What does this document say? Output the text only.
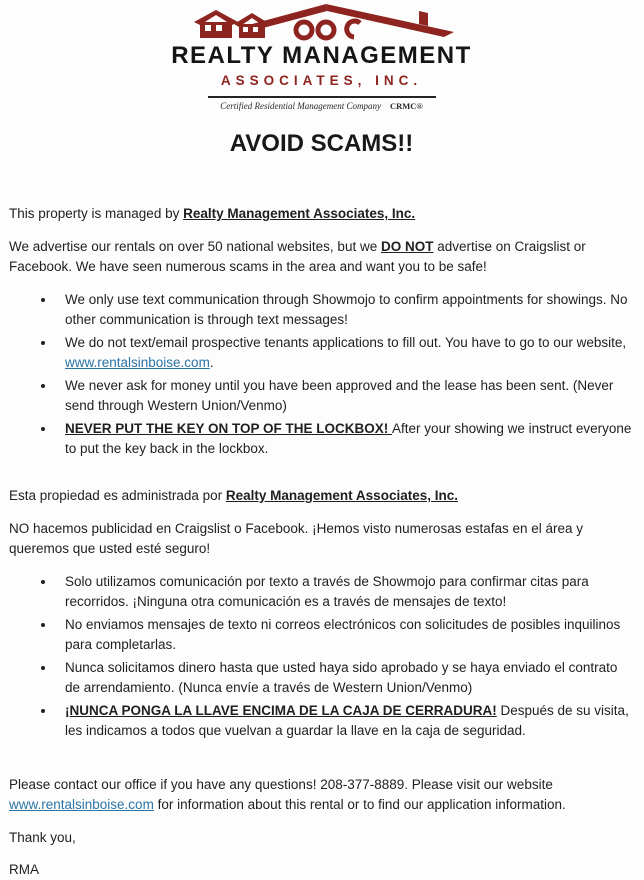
REALTY MANAGEMENT
ASSOCIATES, INC.
Certified Residential Management Company CRMC®
AVOID SCAMS!!

This property is managed by Realty Management Associates, Inc.

We advertise our rentals on over 50 national websites, but we DO NOT advertise on Craigslist or Facebook. We have seen numerous scams in the area and want you to be safe!

• We only use text communication through Showmojo to confirm appointments for showings. No other communication is through text messages!
• We do not text/email prospective tenants applications to fill out. You have to go to our website, www.rentalsinboise.com.
• We never ask for money until you have been approved and the lease has been sent. (Never send through Western Union/Venmo)
• NEVER PUT THE KEY ON TOP OF THE LOCKBOX! After your showing we instruct everyone to put the key back in the lockbox.

Esta propiedad es administrada por Realty Management Associates, Inc.

NO hacemos publicidad en Craigslist o Facebook. ¡Hemos visto numerosas estafas en el área y queremos que usted esté seguro!

• Solo utilizamos comunicación por texto a través de Showmojo para confirmar citas para recorridos. ¡Ninguna otra comunicación es a través de mensajes de texto!
• No enviamos mensajes de texto ni correos electrónicos con solicitudes de posibles inquilinos para completarlas.
• Nunca solicitamos dinero hasta que usted haya sido aprobado y se haya enviado el contrato de arrendamiento. (Nunca envíe a través de Western Union/Venmo)
• ¡NUNCA PONGA LA LLAVE ENCIMA DE LA CAJA DE CERRADURA! Después de su visita, les indicamos a todos que vuelvan a guardar la llave en la caja de seguridad.

Please contact our office if you have any questions! 208-377-8889. Please visit our website www.rentalsinboise.com for information about this rental or to find our application information.

Thank you,

RMA
